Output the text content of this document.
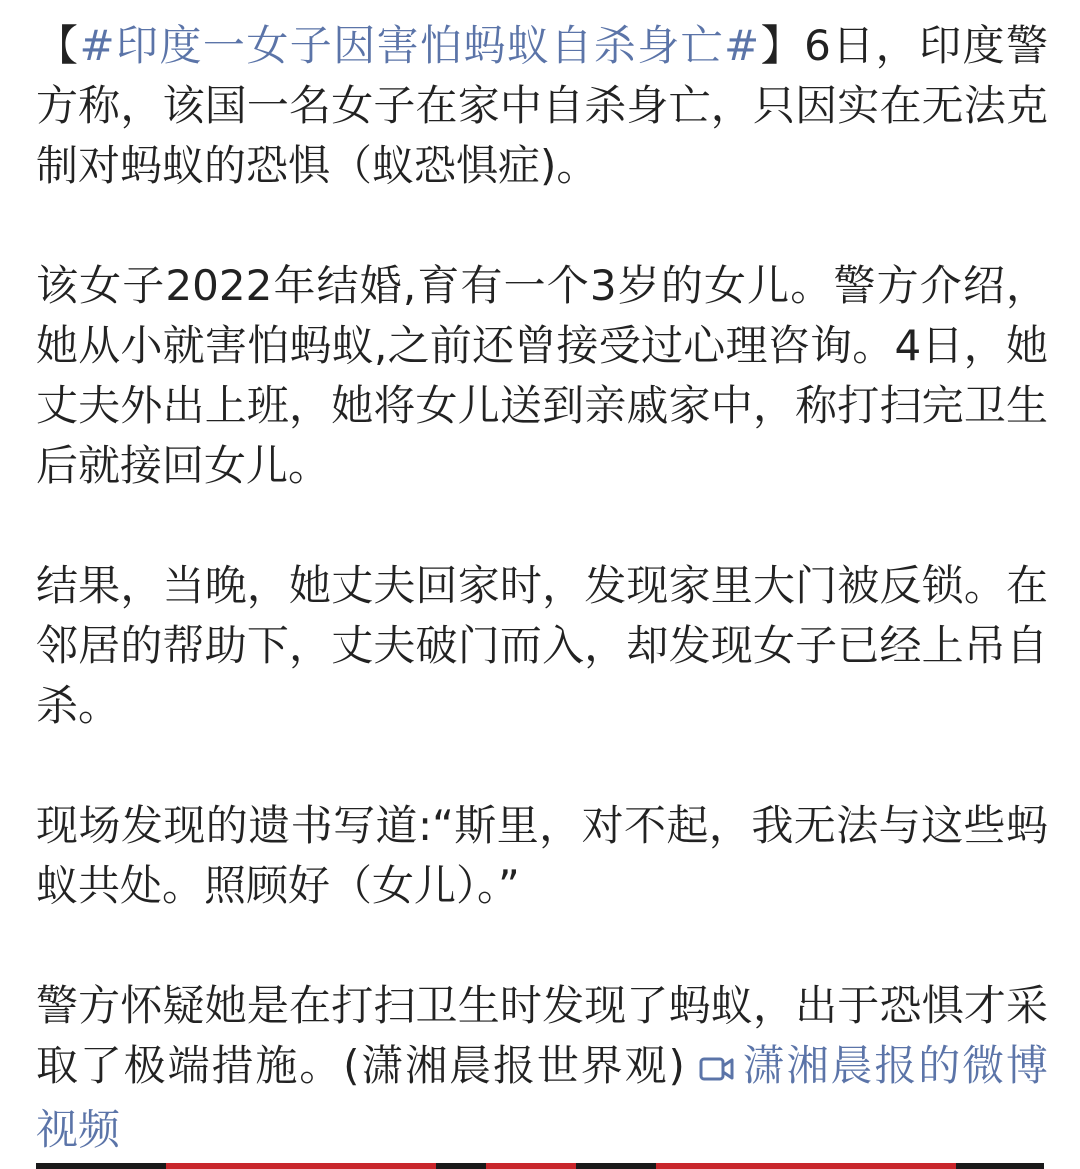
【#印度一女子因害怕蚂蚁自杀身亡#】6日，印度警方称，该国一名女子在家中自杀身亡，只因实在无法克制对蚂蚁的恐惧（蚁恐惧症)。

该女子2022年结婚,育有一个3岁的女儿。警方介绍，她从小就害怕蚂蚁,之前还曾接受过心理咨询。4日，她丈夫外出上班，她将女儿送到亲戚家中，称打扫完卫生后就接回女儿。

结果，当晚，她丈夫回家时，发现家里大门被反锁。在邻居的帮助下，丈夫破门而入，却发现女子已经上吊自杀。

现场发现的遗书写道:“斯里，对不起，我无法与这些蚂蚁共处。照顾好（女儿）。”

警方怀疑她是在打扫卫生时发现了蚂蚁，出于恐惧才采取了极端措施。(潇湘晨报世界观) 潇湘晨报的微博视频
